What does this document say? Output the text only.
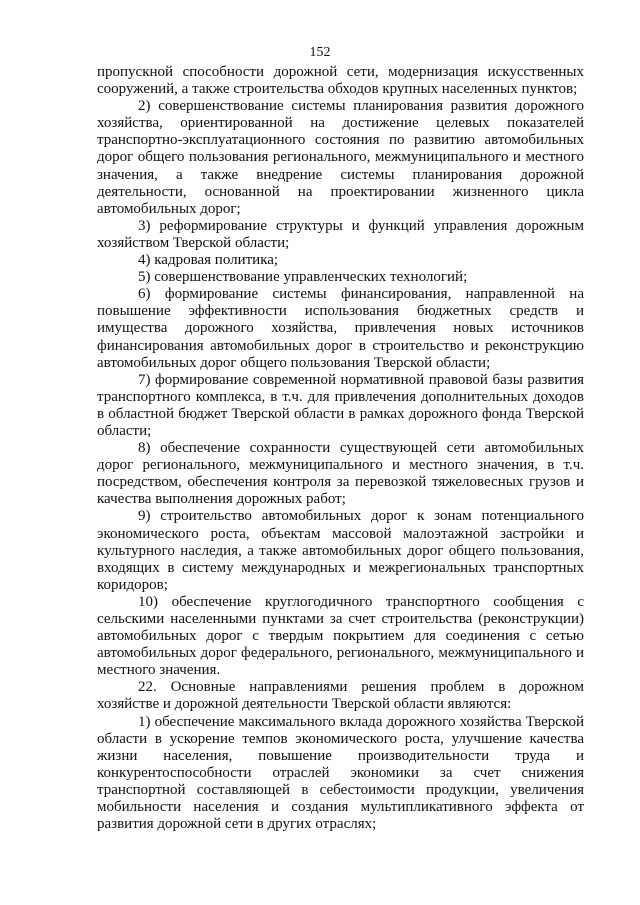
152

пропускной способности дорожной сети, модернизация искусственных сооружений, а также строительства обходов крупных населенных пунктов;

2) совершенствование системы планирования развития дорожного хозяйства, ориентированной на достижение целевых показателей транспортно-эксплуатационного состояния по развитию автомобильных дорог общего пользования регионального, межмуниципального и местного значения, а также внедрение системы планирования дорожной деятельности, основанной на проектировании жизненного цикла автомобильных дорог;

3) реформирование структуры и функций управления дорожным хозяйством Тверской области;

4) кадровая политика;

5) совершенствование управленческих технологий;

6) формирование системы финансирования, направленной на повышение эффективности использования бюджетных средств и имущества дорожного хозяйства, привлечения новых источников финансирования автомобильных дорог в строительство и реконструкцию автомобильных дорог общего пользования Тверской области;

7) формирование современной нормативной правовой базы развития транспортного комплекса, в т.ч. для привлечения дополнительных доходов в областной бюджет Тверской области в рамках дорожного фонда Тверской области;

8) обеспечение сохранности существующей сети автомобильных дорог регионального, межмуниципального и местного значения, в т.ч. посредством, обеспечения контроля за перевозкой тяжеловесных грузов и качества выполнения дорожных работ;

9) строительство автомобильных дорог к зонам потенциального экономического роста, объектам массовой малоэтажной застройки и культурного наследия, а также автомобильных дорог общего пользования, входящих в систему международных и межрегиональных транспортных коридоров;

10) обеспечение круглогодичного транспортного сообщения с сельскими населенными пунктами за счет строительства (реконструкции) автомобильных дорог с твердым покрытием для соединения с сетью автомобильных дорог федерального, регионального, межмуниципального и местного значения.

22. Основные направлениями решения проблем в дорожном хозяйстве и дорожной деятельности Тверской области являются:

1) обеспечение максимального вклада дорожного хозяйства Тверской области в ускорение темпов экономического роста, улучшение качества жизни населения, повышение производительности труда и конкурентоспособности отраслей экономики за счет снижения транспортной составляющей в себестоимости продукции, увеличения мобильности населения и создания мультипликативного эффекта от развития дорожной сети в других отраслях;
